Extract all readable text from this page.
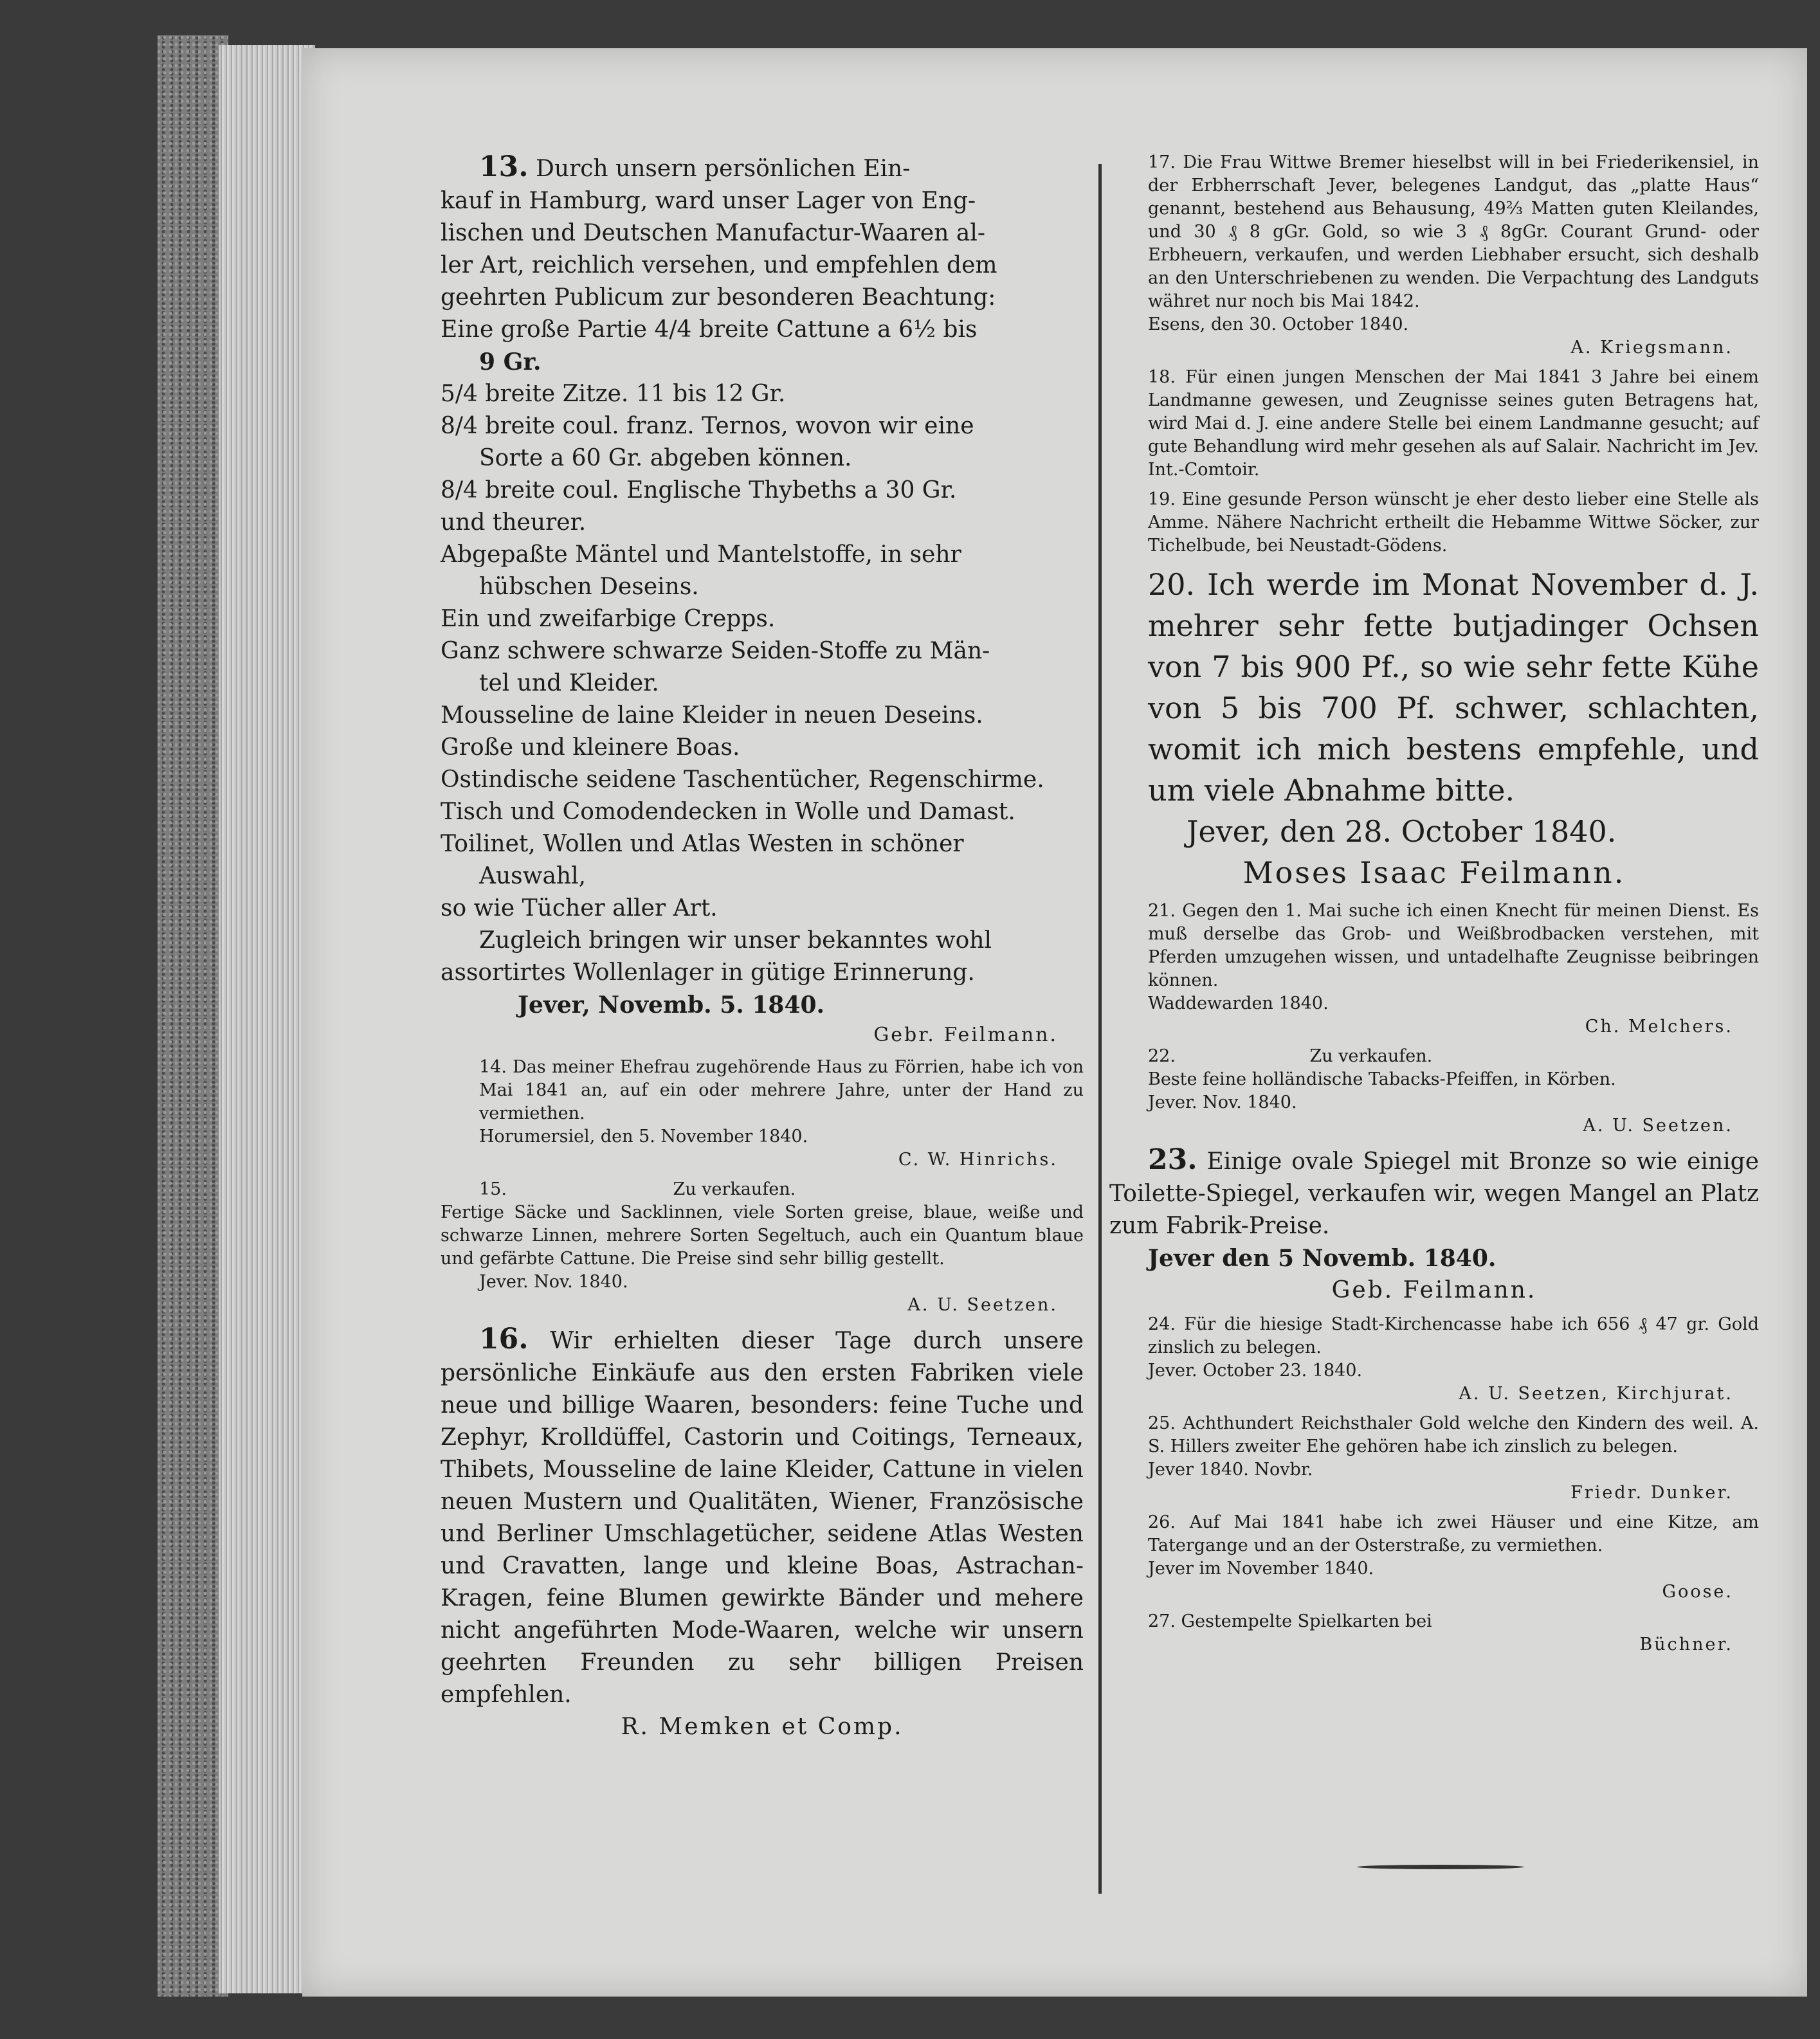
13. Durch unsern persönlichen Ein-
kauf in Hamburg, ward unser Lager von Eng-
lischen und Deutschen Manufactur-Waaren al-
ler Art, reichlich versehen, und empfehlen dem
geehrten Publicum zur besonderen Beachtung:
Eine große Partie 4/4 breite Cattune a 6½ bis
9 Gr.
5/4 breite Zitze. 11 bis 12 Gr.
8/4 breite coul. franz. Ternos, wovon wir eine
Sorte a 60 Gr. abgeben können.
8/4 breite coul. Englische Thybeths a 30 Gr.
und theurer.
Abgepaßte Mäntel und Mantelstoffe, in sehr
hübschen Deseins.
Ein und zweifarbige Crepps.
Ganz schwere schwarze Seiden-Stoffe zu Män-
tel und Kleider.
Mousseline de laine Kleider in neuen Deseins.
Große und kleinere Boas.
Ostindische seidene Taschentücher, Regenschirme.
Tisch und Comodendecken in Wolle und Damast.
Toilinet, Wollen und Atlas Westen in schöner
Auswahl,
so wie Tücher aller Art.
Zugleich bringen wir unser bekanntes wohl
assortirtes Wollenlager in gütige Erinnerung.
Jever, Novemb. 5. 1840.
Gebr. Feilmann.
14. Das meiner Ehefrau zugehörende Haus zu Förrien, habe ich von Mai 1841 an, auf ein oder mehrere Jahre, unter der Hand zu vermiethen.
Horumersiel, den 5. November 1840.
C. W. Hinrichs.
15.	Zu verkaufen.
Fertige Säcke und Sacklinnen, viele Sorten greise, blaue, weiße und schwarze Linnen, mehrere Sorten Segeltuch, auch ein Quantum blaue und gefärbte Cattune. Die Preise sind sehr billig gestellt.
Jever. Nov. 1840.
A. U. Seetzen.
16. Wir erhielten dieser Tage durch unsere persönliche Einkäufe aus den ersten Fabriken viele neue und billige Waaren, besonders: feine Tuche und Zephyr, Krolldüffel, Castorin und Coitings, Terneaux, Thibets, Mousseline de laine Kleider, Cattune in vielen neuen Mustern und Qualitäten, Wiener, Französische und Berliner Umschlagetücher, seidene Atlas Westen und Cravatten, lange und kleine Boas, Astrachan-Kragen, feine Blumen gewirkte Bänder und mehere nicht angeführten Mode-Waaren, welche wir unsern geehrten Freunden zu sehr billigen Preisen empfehlen.
R. Memken et Comp.
17. Die Frau Wittwe Bremer hieselbst will in bei Friederikensiel, in der Erbherrschaft Jever, belegenes Landgut, das „platte Haus“ genannt, bestehend aus Behausung, 49⅔ Matten guten Kleilandes, und 30 ₰ 8 gGr. Gold, so wie 3 ₰ 8gGr. Courant Grund- oder Erbheuern, verkaufen, und werden Liebhaber ersucht, sich deshalb an den Unterschriebenen zu wenden. Die Verpachtung des Landguts währet nur noch bis Mai 1842.
Esens, den 30. October 1840.
A. Kriegsmann.
18. Für einen jungen Menschen der Mai 1841 3 Jahre bei einem Landmanne gewesen, und Zeugnisse seines guten Betragens hat, wird Mai d. J. eine andere Stelle bei einem Landmanne gesucht; auf gute Behandlung wird mehr gesehen als auf Salair. Nachricht im Jev. Int.-Comtoir.
19. Eine gesunde Person wünscht je eher desto lieber eine Stelle als Amme. Nähere Nachricht ertheilt die Hebamme Wittwe Söcker, zur Tichelbude, bei Neustadt-Gödens.
20. Ich werde im Monat November d. J. mehrer sehr fette butjadinger Ochsen von 7 bis 900 Pf., so wie sehr fette Kühe von 5 bis 700 Pf. schwer, schlachten, womit ich mich bestens empfehle, und um viele Abnahme bitte.
Jever, den 28. October 1840.
Moses Isaac Feilmann.
21. Gegen den 1. Mai suche ich einen Knecht für meinen Dienst. Es muß derselbe das Grob- und Weißbrodbacken verstehen, mit Pferden umzugehen wissen, und untadelhafte Zeugnisse beibringen können.
Waddewarden 1840.
Ch. Melchers.
22.	Zu verkaufen.
Beste feine holländische Tabacks-Pfeiffen, in Körben.
Jever. Nov. 1840.
A. U. Seetzen.
23. Einige ovale Spiegel mit Bronze so wie einige Toilette-Spiegel, verkaufen wir, wegen Mangel an Platz zum Fabrik-Preise.
Jever den 5 Novemb. 1840.
Geb. Feilmann.
24. Für die hiesige Stadt-Kirchencasse habe ich 656 ₰ 47 gr. Gold zinslich zu belegen.
Jever. October 23. 1840.
A. U. Seetzen, Kirchjurat.
25. Achthundert Reichsthaler Gold welche den Kindern des weil. A. S. Hillers zweiter Ehe gehören habe ich zinslich zu belegen.
Jever 1840. Novbr.
Friedr. Dunker.
26. Auf Mai 1841 habe ich zwei Häuser und eine Kitze, am Tatergange und an der Osterstraße, zu vermiethen.
Jever im November 1840.
Goose.
27. Gestempelte Spielkarten bei
Büchner.
